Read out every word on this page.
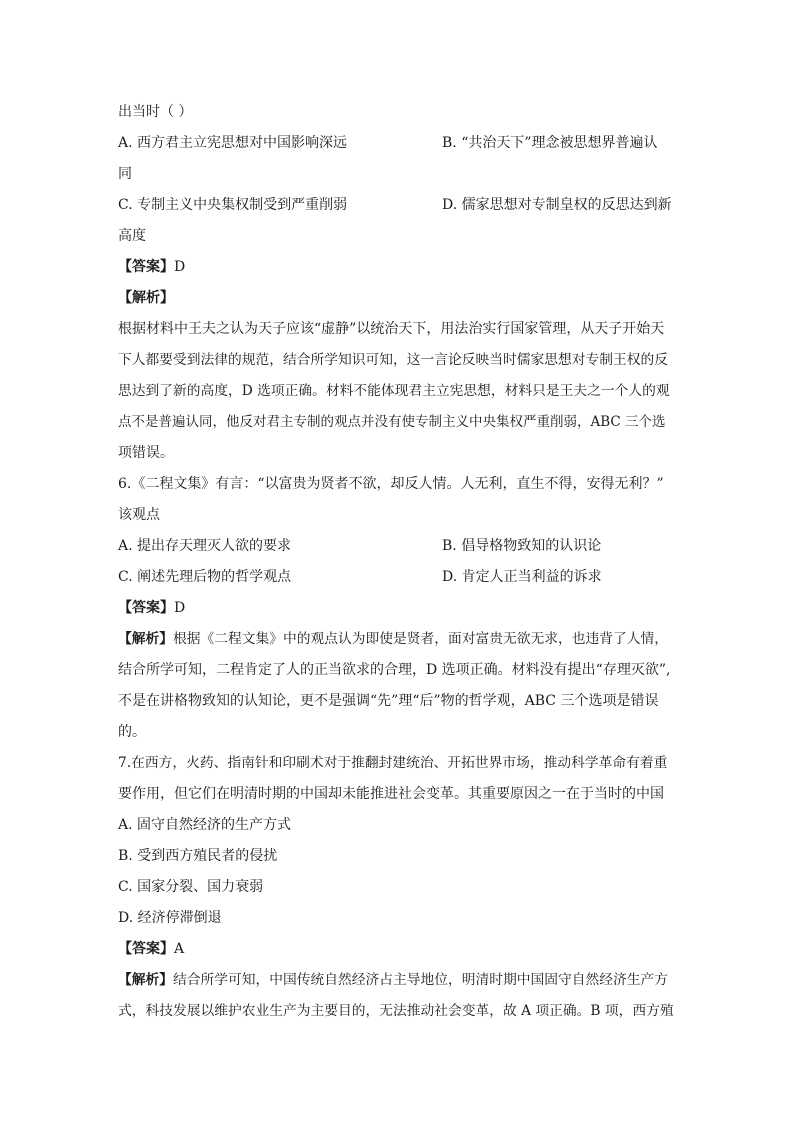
出当时（ ）
A. 西方君主立宪思想对中国影响深远	B. “共治天下”理念被思想界普遍认
同
C. 专制主义中央集权制受到严重削弱	D. 儒家思想对专制皇权的反思达到新
高度
【答案】D
【解析】
根据材料中王夫之认为天子应该“虚静”以统治天下，用法治实行国家管理，从天子开始天
下人都要受到法律的规范，结合所学知识可知，这一言论反映当时儒家思想对专制王权的反
思达到了新的高度，D 选项正确。材料不能体现君主立宪思想，材料只是王夫之一个人的观
点不是普遍认同，他反对君主专制的观点并没有使专制主义中央集权严重削弱，ABC 三个选
项错误。
6.《二程文集》有言：“以富贵为贤者不欲，却反人情。人无利，直生不得，安得无利？”
该观点
A. 提出存天理灭人欲的要求	B. 倡导格物致知的认识论
C. 阐述先理后物的哲学观点	D. 肯定人正当利益的诉求
【答案】D
【解析】根据《二程文集》中的观点认为即使是贤者，面对富贵无欲无求，也违背了人情，
结合所学可知，二程肯定了人的正当欲求的合理，D 选项正确。材料没有提出“存理灭欲”,
不是在讲格物致知的认知论，更不是强调“先”理“后”物的哲学观，ABC 三个选项是错误
的。
7.在西方，火药、指南针和印刷术对于推翻封建统治、开拓世界市场，推动科学革命有着重
要作用，但它们在明清时期的中国却未能推进社会变革。其重要原因之一在于当时的中国
A. 固守自然经济的生产方式
B. 受到西方殖民者的侵扰
C. 国家分裂、国力衰弱
D. 经济停滞倒退
【答案】A
【解析】结合所学可知，中国传统自然经济占主导地位，明清时期中国固守自然经济生产方
式，科技发展以维护农业生产为主要目的，无法推动社会变革，故 A 项正确。B 项，西方殖
